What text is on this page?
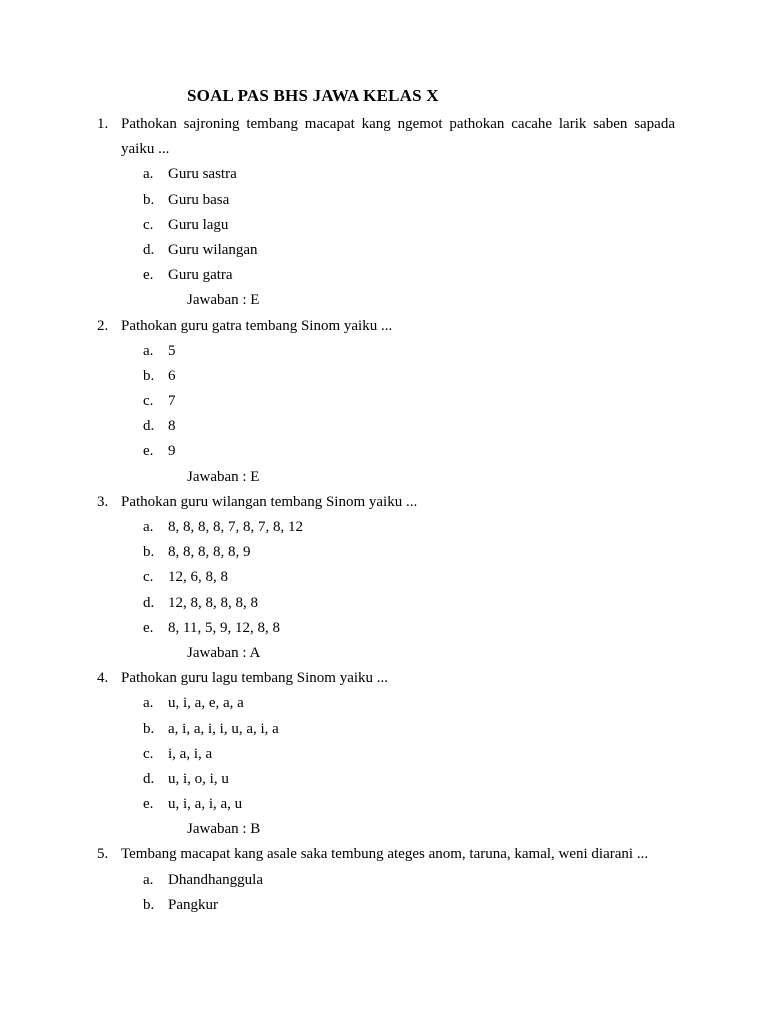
SOAL PAS BHS JAWA KELAS X
1. Pathokan sajroning tembang macapat kang ngemot pathokan cacahe larik saben sapada
yaiku ...
a. Guru sastra
b. Guru basa
c. Guru lagu
d. Guru wilangan
e. Guru gatra
Jawaban : E
2. Pathokan guru gatra tembang Sinom yaiku ...
a. 5
b. 6
c. 7
d. 8
e. 9
Jawaban : E
3. Pathokan guru wilangan tembang Sinom yaiku ...
a. 8, 8, 8, 8, 7, 8, 7, 8, 12
b. 8, 8, 8, 8, 8, 9
c. 12, 6, 8, 8
d. 12, 8, 8, 8, 8, 8
e. 8, 11, 5, 9, 12, 8, 8
Jawaban : A
4. Pathokan guru lagu tembang Sinom yaiku ...
a. u, i, a, e, a, a
b. a, i, a, i, i, u, a, i, a
c. i, a, i, a
d. u, i, o, i, u
e. u, i, a, i, a, u
Jawaban : B
5. Tembang macapat kang asale saka tembung ateges anom, taruna, kamal, weni diarani ...
a. Dhandhanggula
b. Pangkur
